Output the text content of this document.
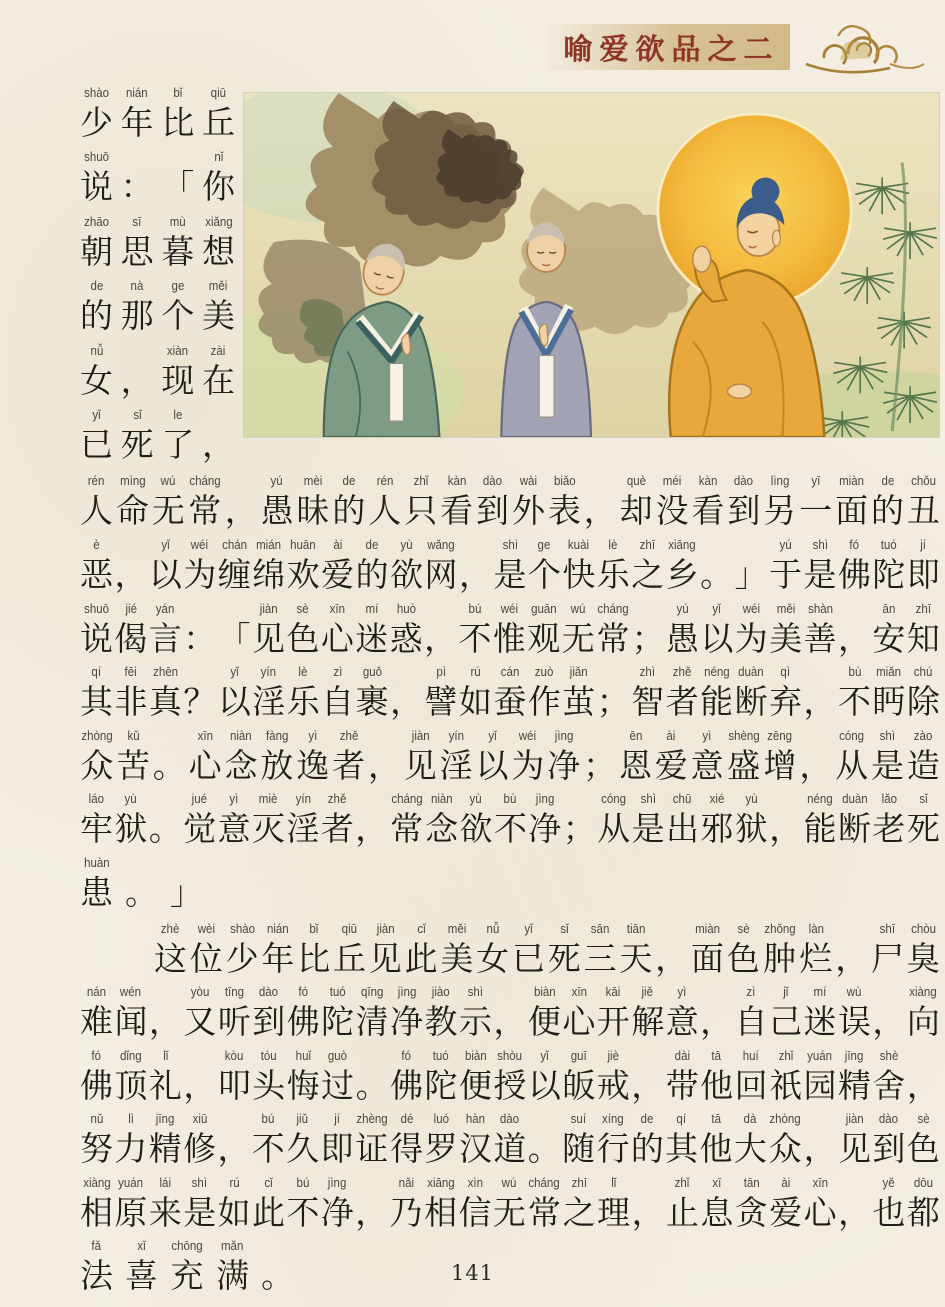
喻爱欲品之二
shào
少
nián
年
bǐ
比
qiū
丘
shuō
说 ： 「
nǐ
你
zhāo
朝
sī
思
mù
暮
xiǎng
想
de
的
nà
那
ge
个
měi
美
nǚ
女 ，
xiàn
现
zài
在
yǐ
已
sǐ
死
le
了 ，
rén
人
mìng
命
wú
无
cháng
常 ，
yú
愚
mèi
昧
de
的
rén
人
zhǐ
只
kàn
看
dào
到
wài
外
biǎo
表 ，
què
却
méi
没
kàn
看
dào
到
lìng
另
yī
一
miàn
面
de
的
chǒu
丑
è
恶 ，
yǐ
以
wéi
为
chán
缠
mián
绵
huān
欢
ài
爱
de
的
yù
欲
wǎng
网 ，
shì
是
ge
个
kuài
快
lè
乐
zhī
之
xiāng
乡 。 」
yú
于
shì
是
fó
佛
tuó
陀
jí
即
shuō
说
jié
偈
yán
言 ： 「
jiàn
见
sè
色
xīn
心
mí
迷
huò
惑 ，
bú
不
wéi
惟
guān
观
wú
无
cháng
常 ；
yú
愚
yǐ
以
wéi
为
měi
美
shàn
善 ，
ān
安
zhī
知
qí
其
fēi
非
zhēn
真 ？
yǐ
以
yín
淫
lè
乐
zì
自
guǒ
裹 ，
pì
譬
rú
如
cán
蚕
zuò
作
jiǎn
茧 ；
zhì
智
zhě
者
néng
能
duàn
断
qì
弃 ，
bù
不
miǎn
眄
chú
除
zhòng
众
kǔ
苦 。
xīn
心
niàn
念
fàng
放
yì
逸
zhě
者 ，
jiàn
见
yín
淫
yǐ
以
wéi
为
jìng
净 ；
ēn
恩
ài
爱
yì
意
shèng
盛
zēng
增 ，
cóng
从
shì
是
zào
造
láo
牢
yù
狱 。
jué
觉
yì
意
miè
灭
yín
淫
zhě
者 ，
cháng
常
niàn
念
yù
欲
bù
不
jìng
净 ；
cóng
从
shì
是
chū
出
xié
邪
yù
狱 ，
néng
能
duàn
断
lǎo
老
sǐ
死
huàn
患 。 」
zhè
这
wèi
位
shào
少
nián
年
bǐ
比
qiū
丘
jiàn
见
cǐ
此
měi
美
nǚ
女
yǐ
已
sǐ
死
sān
三
tiān
天 ，
miàn
面
sè
色
zhǒng
肿
làn
烂 ，
shī
尸
chòu
臭
nán
难
wén
闻 ，
yòu
又
tīng
听
dào
到
fó
佛
tuó
陀
qīng
清
jìng
净
jiào
教
shì
示 ，
biàn
便
xīn
心
kāi
开
jiě
解
yì
意 ，
zì
自
jǐ
己
mí
迷
wù
误 ，
xiàng
向
fó
佛
dǐng
顶
lǐ
礼 ，
kòu
叩
tóu
头
huǐ
悔
guò
过 。
fó
佛
tuó
陀
biàn
便
shòu
授
yǐ
以
guī
皈
jiè
戒 ，
dài
带
tā
他
huí
回
zhǐ
祇
yuán
园
jīng
精
shè
舍 ，
nǔ
努
lì
力
jīng
精
xiū
修 ，
bú
不
jiǔ
久
jí
即
zhèng
证
dé
得
luó
罗
hàn
汉
dào
道 。
suí
随
xíng
行
de
的
qí
其
tā
他
dà
大
zhòng
众 ，
jiàn
见
dào
到
sè
色
xiàng
相
yuán
原
lái
来
shì
是
rú
如
cǐ
此
bú
不
jìng
净 ，
nǎi
乃
xiāng
相
xìn
信
wú
无
cháng
常
zhī
之
lǐ
理 ，
zhǐ
止
xī
息
tān
贪
ài
爱
xīn
心 ，
yě
也
dōu
都
fǎ
法
xǐ
喜
chōng
充
mǎn
满 。	141
